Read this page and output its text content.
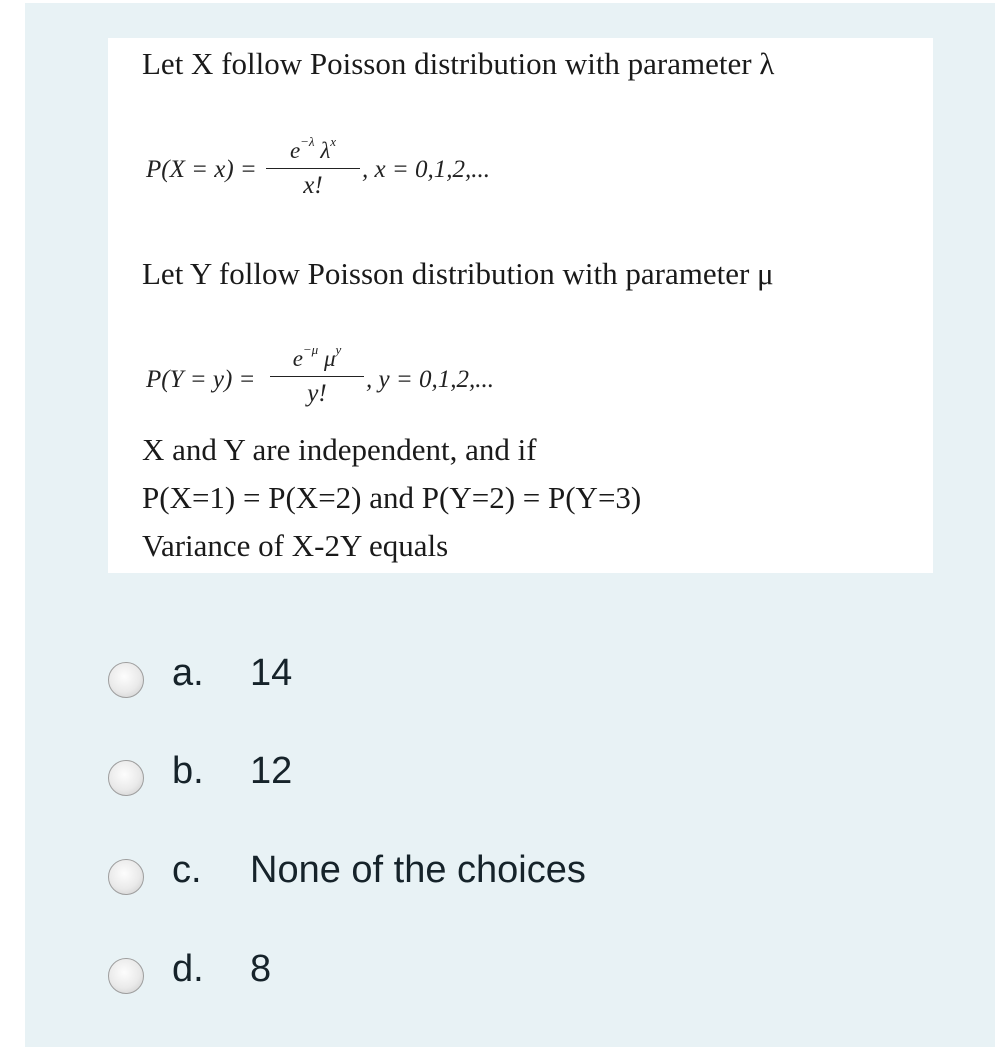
Let X follow Poisson distribution with parameter λ
P(X = x) =
$e^{-\lambda}$ $\lambda^x$
x!
, x = 0,1,2,...
Let Y follow Poisson distribution with parameter μ
P(Y = y) =
$e^{-\mu}$ $\mu^y$
y!
, y = 0,1,2,...
X and Y are independent, and if
P(X=1) = P(X=2) and P(Y=2) = P(Y=3)
Variance of X-2Y equals
a. 14
b. 12
c. None of the choices
d. 8
